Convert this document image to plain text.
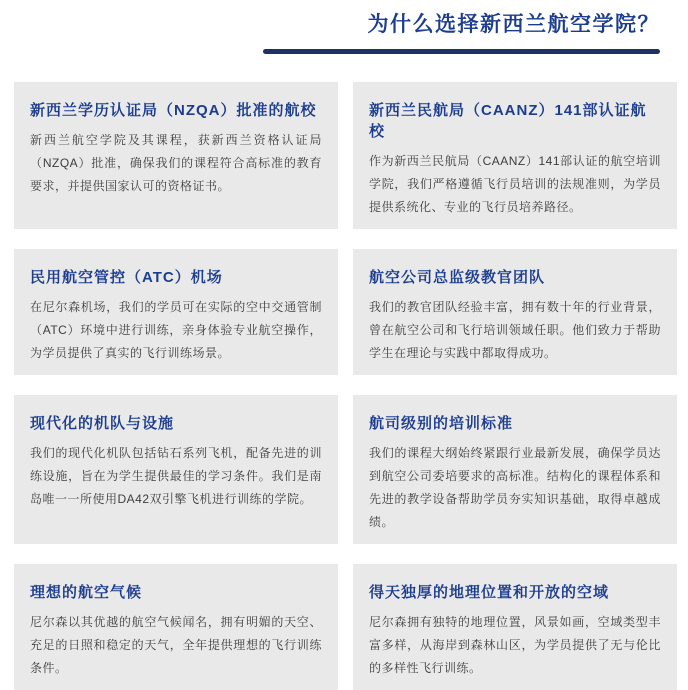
为什么选择新西兰航空学院？
新西兰学历认证局（NZQA）批准的航校

新西兰航空学院及其课程，获新西兰资格认证局（NZQA）批准，确保我们的课程符合高标准的教育要求，并提供国家认可的资格证书。

新西兰民航局（CAANZ）141部认证航校

作为新西兰民航局（CAANZ）141部认证的航空培训学院，我们严格遵循飞行员培训的法规准则，为学员提供系统化、专业的飞行员培养路径。

民用航空管控（ATC）机场

在尼尔森机场，我们的学员可在实际的空中交通管制（ATC）环境中进行训练，亲身体验专业航空操作，为学员提供了真实的飞行训练场景。

航空公司总监级教官团队

我们的教官团队经验丰富，拥有数十年的行业背景，曾在航空公司和飞行培训领域任职。他们致力于帮助学生在理论与实践中都取得成功。

现代化的机队与设施

我们的现代化机队包括钻石系列飞机，配备先进的训练设施，旨在为学生提供最佳的学习条件。我们是南岛唯一一所使用DA42双引擎飞机进行训练的学院。

航司级别的培训标准

我们的课程大纲始终紧跟行业最新发展，确保学员达到航空公司委培要求的高标准。结构化的课程体系和先进的教学设备帮助学员夯实知识基础，取得卓越成绩。

理想的航空气候

尼尔森以其优越的航空气候闻名，拥有明媚的天空、充足的日照和稳定的天气，全年提供理想的飞行训练条件。

得天独厚的地理位置和开放的空域

尼尔森拥有独特的地理位置，风景如画，空域类型丰富多样，从海岸到森林山区，为学员提供了无与伦比的多样性飞行训练。
